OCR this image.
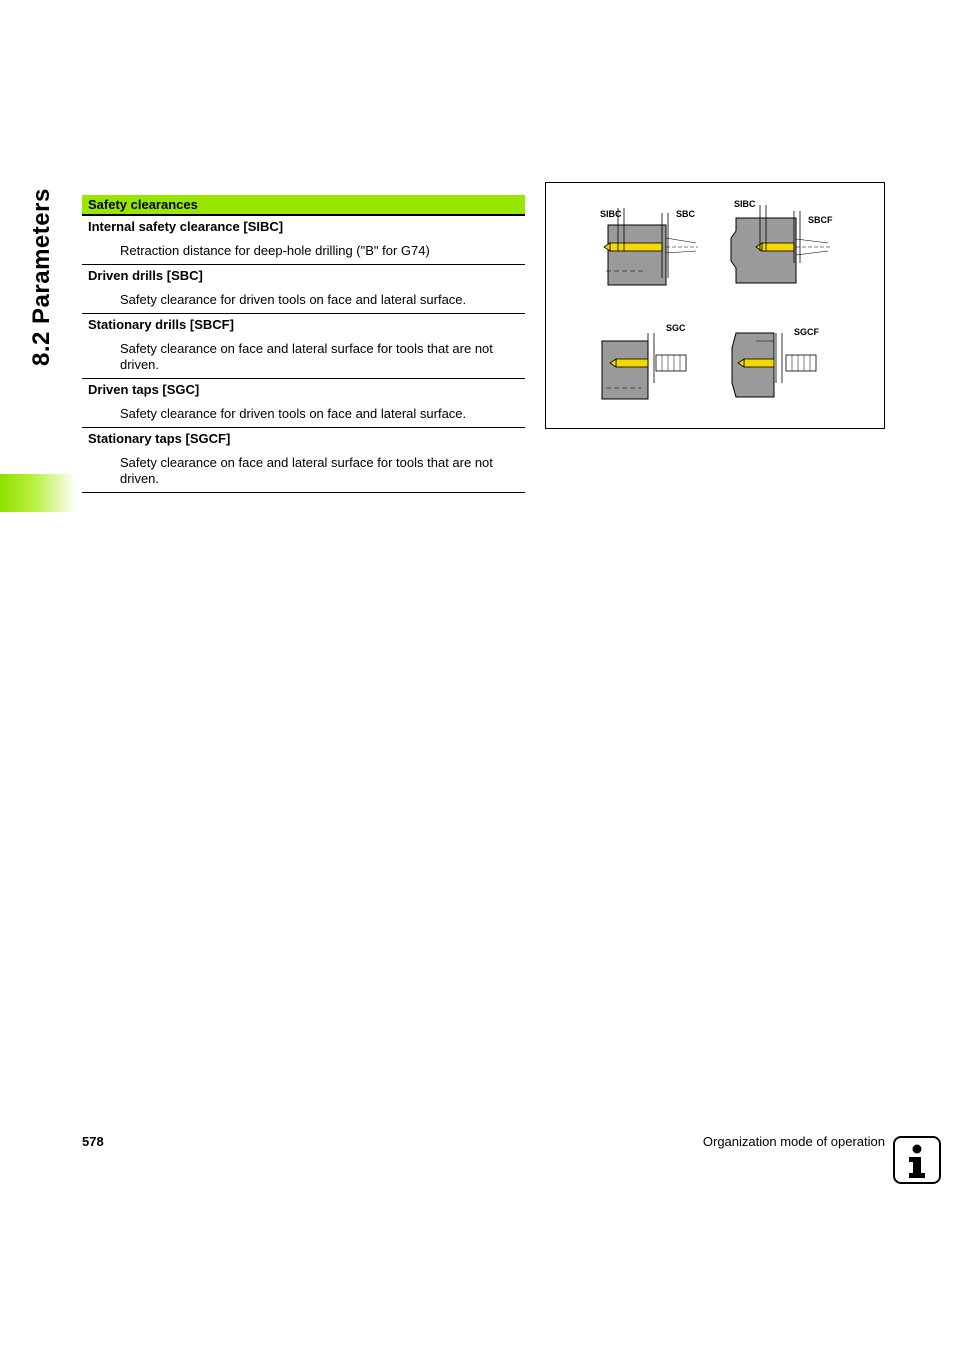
8.2 Parameters	Safety clearances
Internal safety clearance [SIBC]
Retraction distance for deep-hole drilling ("B" for G74)
Driven drills [SBC]
Safety clearance for driven tools on face and lateral surface.
Stationary drills [SBCF]
Safety clearance on face and lateral surface for tools that are not driven.
Driven taps [SGC]
Safety clearance for driven tools on face and lateral surface.
Stationary taps [SGCF]
Safety clearance on face and lateral surface for tools that are not driven.
SIBC	SBC
SIBC
SBCF
SGC	SGCF
578	Organization mode of operation
